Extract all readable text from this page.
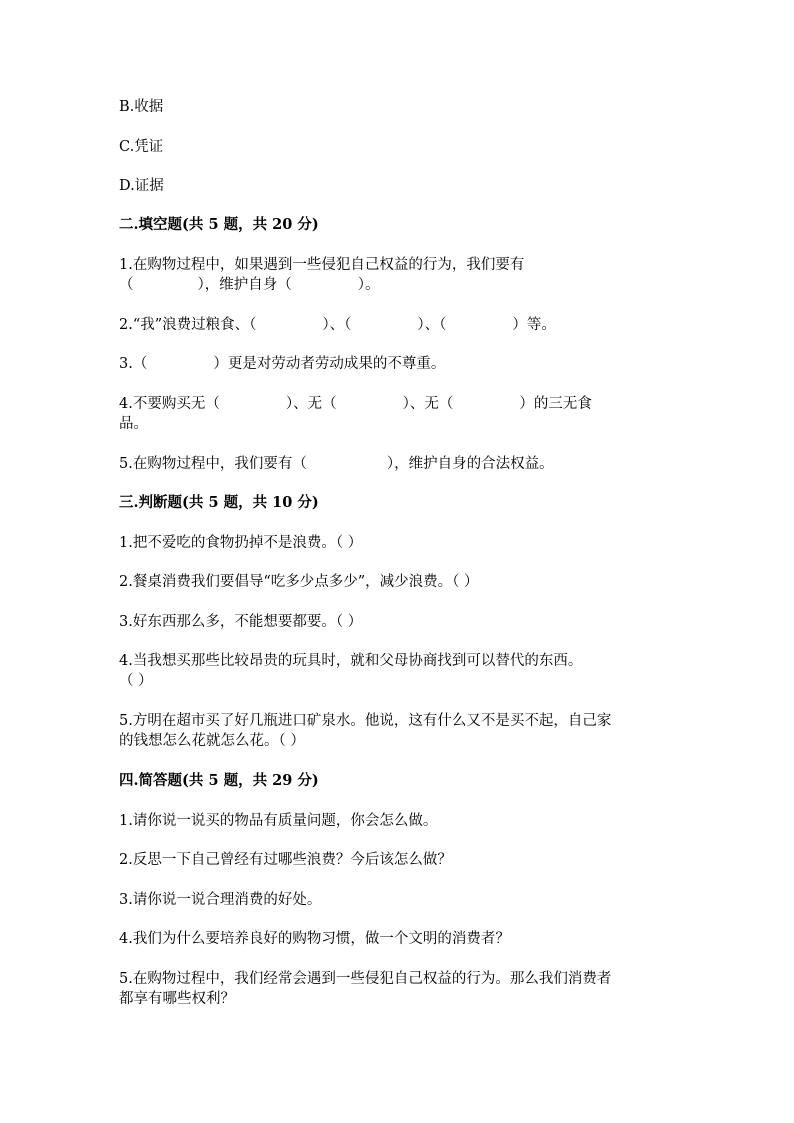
B.收据
C.凭证
D.证据
二.填空题(共 5 题，共 20 分)
1.在购物过程中，如果遇到一些侵犯自己权益的行为，我们要有
（	），维护自身（	）。
2.“我”浪费过粮食、（	）、（	）、（	）等。
3.（	）更是对劳动者劳动成果的不尊重。
4.不要购买无（	）、无（	）、无（	）的三无食
品。
5.在购物过程中，我们要有（	），维护自身的合法权益。
三.判断题(共 5 题，共 10 分)
1.把不爱吃的食物扔掉不是浪费。（ ）
2.餐桌消费我们要倡导“吃多少点多少”，减少浪费。（ ）
3.好东西那么多，不能想要都要。（ ）
4.当我想买那些比较昂贵的玩具时，就和父母协商找到可以替代的东西。
（ ）
5.方明在超市买了好几瓶进口矿泉水。他说，这有什么又不是买不起，自己家
的钱想怎么花就怎么花。（ ）
四.简答题(共 5 题，共 29 分)
1.请你说一说买的物品有质量问题，你会怎么做。
2.反思一下自己曾经有过哪些浪费？今后该怎么做？
3.请你说一说合理消费的好处。
4.我们为什么要培养良好的购物习惯，做一个文明的消费者？
5.在购物过程中，我们经常会遇到一些侵犯自己权益的行为。那么我们消费者
都享有哪些权利？
